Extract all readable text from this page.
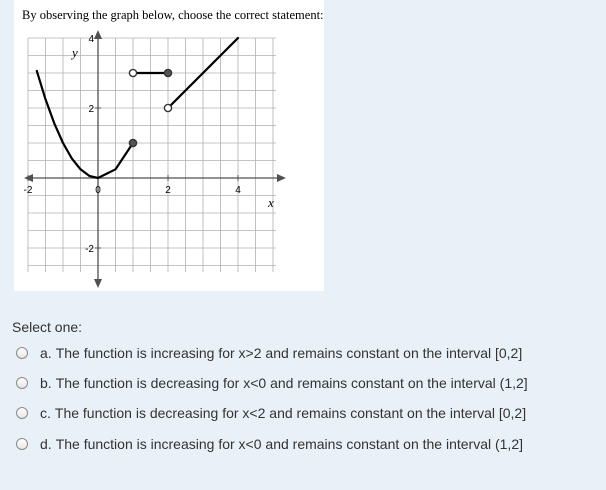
By observing the graph below, choose the correct statement:
-2	0	2	4
4
2
-2
x
y
Select one:
a. The function is increasing for x>2 and remains constant on the interval [0,2]
b. The function is decreasing for x<0 and remains constant on the interval (1,2]
c. The function is decreasing for x<2 and remains constant on the interval [0,2]
d. The function is increasing for x<0 and remains constant on the interval (1,2]
